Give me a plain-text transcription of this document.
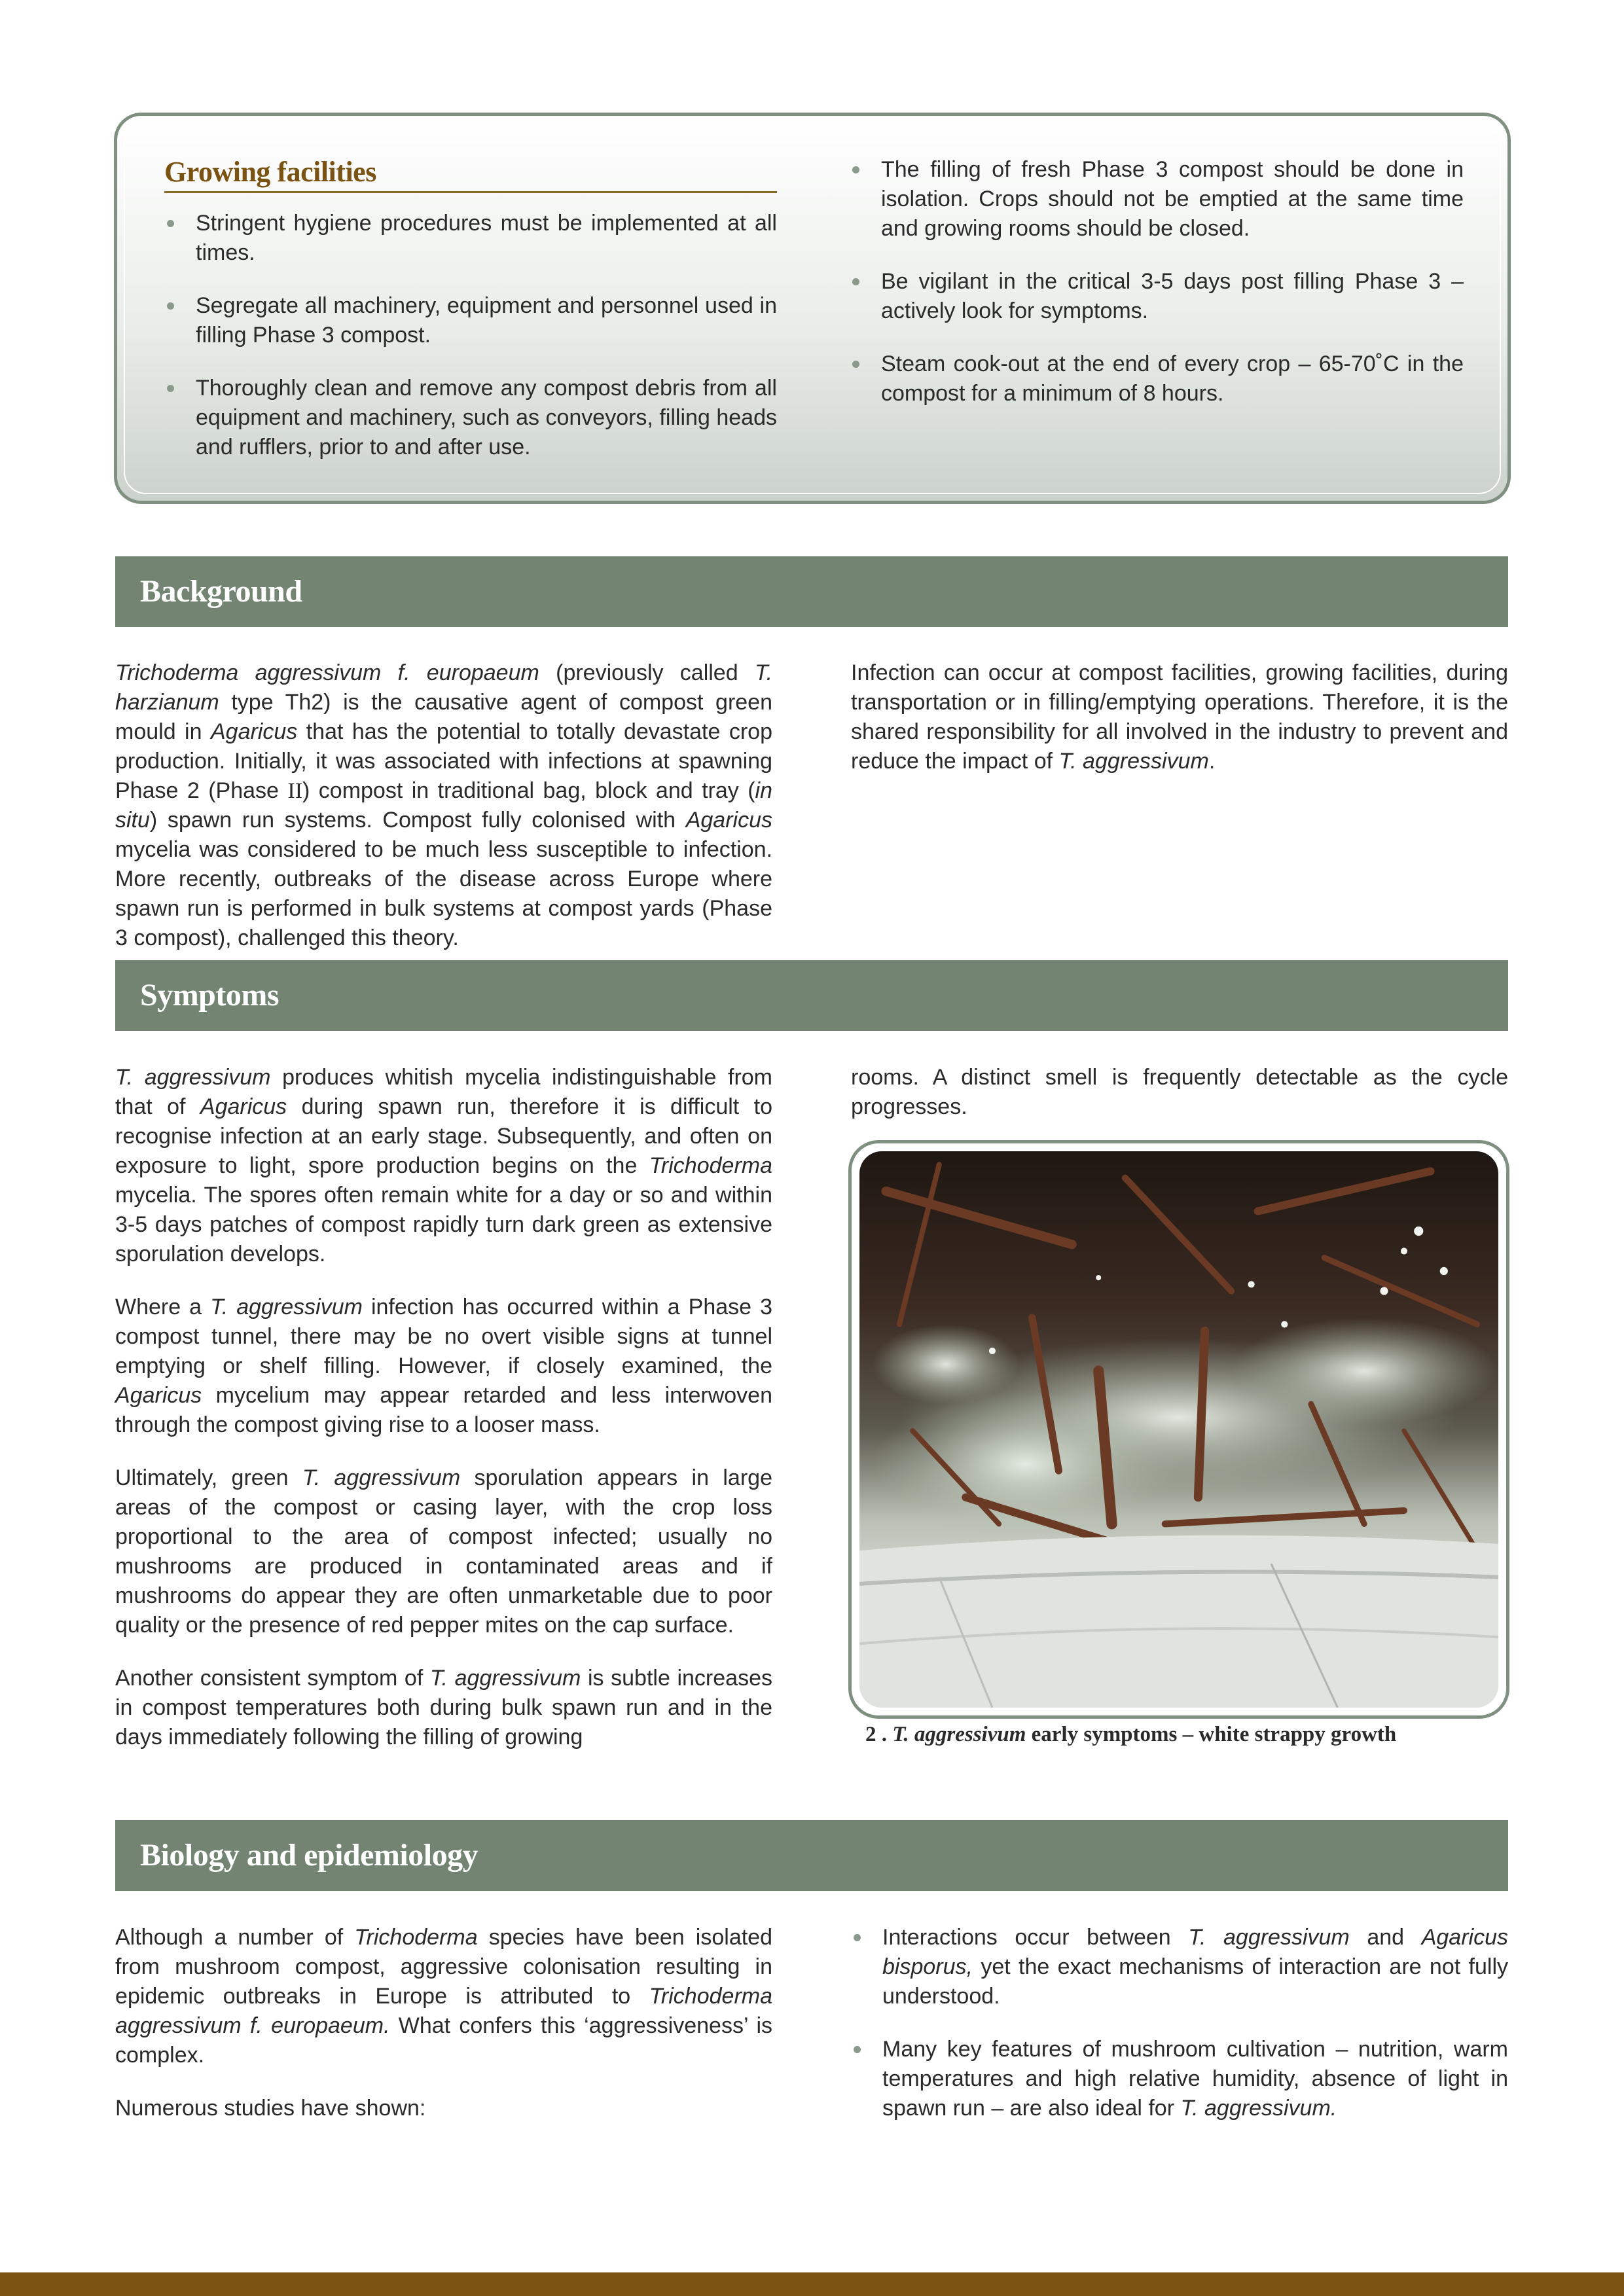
Growing facilities
Stringent hygiene procedures must be implemented at all times.
Segregate all machinery, equipment and personnel used in filling Phase 3 compost.
Thoroughly clean and remove any compost debris from all equipment and machinery, such as conveyors, filling heads and rufflers, prior to and after use.
The filling of fresh Phase 3 compost should be done in isolation. Crops should not be emptied at the same time and growing rooms should be closed.
Be vigilant in the critical 3-5 days post filling Phase 3 – actively look for symptoms.
Steam cook-out at the end of every crop – 65-70˚C in the compost for a minimum of 8 hours.
Background

Trichoderma aggressivum f. europaeum (previously called T. harzianum type Th2) is the causative agent of compost green mould in Agaricus that has the potential to totally devastate crop production. Initially, it was associated with infections at spawning Phase 2 (Phase II) compost in traditional bag, block and tray (in situ) spawn run systems. Compost fully colonised with Agaricus mycelia was considered to be much less susceptible to infection. More recently, outbreaks of the disease across Europe where spawn run is performed in bulk systems at compost yards (Phase 3 compost), challenged this theory.

Infection can occur at compost facilities, growing facilities, during transportation or in filling/emptying operations. Therefore, it is the shared responsibility for all involved in the industry to prevent and reduce the impact of T. aggressivum.

Symptoms

T. aggressivum produces whitish mycelia indistinguishable from that of Agaricus during spawn run, therefore it is difficult to recognise infection at an early stage. Subsequently, and often on exposure to light, spore production begins on the Trichoderma mycelia. The spores often remain white for a day or so and within 3-5 days patches of compost rapidly turn dark green as extensive sporulation develops.

Where a T. aggressivum infection has occurred within a Phase 3 compost tunnel, there may be no overt visible signs at tunnel emptying or shelf filling. However, if closely examined, the Agaricus mycelium may appear retarded and less interwoven through the compost giving rise to a looser mass.

Ultimately, green T. aggressivum sporulation appears in large areas of the compost or casing layer, with the crop loss proportional to the area of compost infected; usually no mushrooms are produced in contaminated areas and if mushrooms do appear they are often unmarketable due to poor quality or the presence of red pepper mites on the cap surface.

Another consistent symptom of T. aggressivum is subtle increases in compost temperatures both during bulk spawn run and in the days immediately following the filling of growing

rooms. A distinct smell is frequently detectable as the cycle progresses.

2 . T. aggressivum early symptoms – white strappy growth
Biology and epidemiology

Although a number of Trichoderma species have been isolated from mushroom compost, aggressive colonisation resulting in epidemic outbreaks in Europe is attributed to Trichoderma aggressivum f. europaeum. What confers this ‘aggressiveness’ is complex.

Numerous studies have shown:

Interactions occur between T. aggressivum and Agaricus bisporus, yet the exact mechanisms of interaction are not fully understood.
Many key features of mushroom cultivation – nutrition, warm temperatures and high relative humidity, absence of light in spawn run – are also ideal for T. aggressivum.
